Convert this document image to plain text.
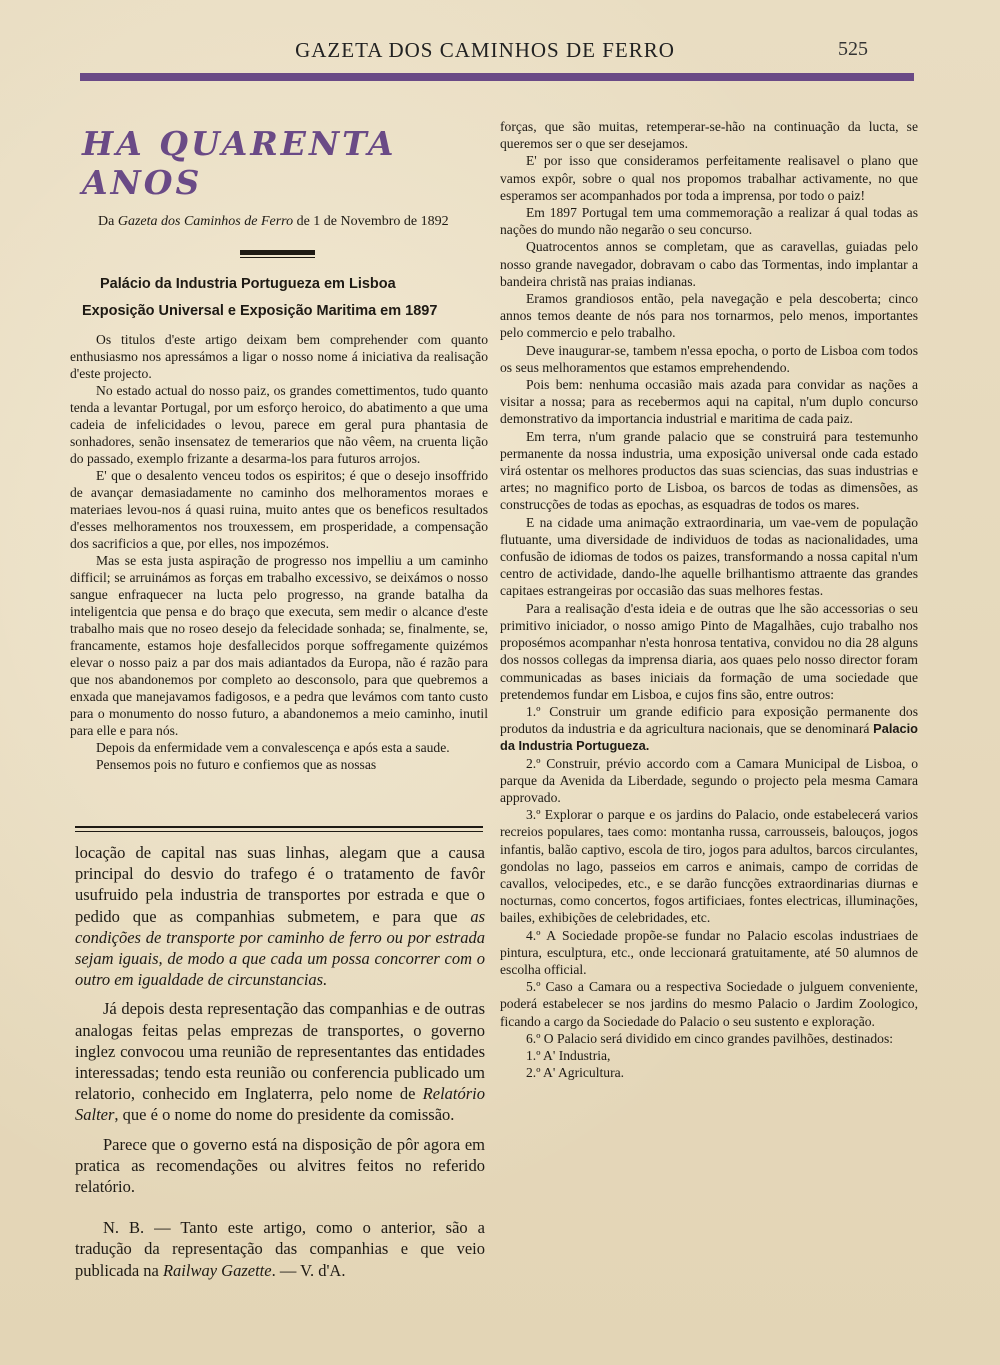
GAZETA DOS CAMINHOS DE FERRO	525
HA QUARENTA ANOS
Da Gazeta dos Caminhos de Ferro de 1 de Novembro de 1892
Palácio da Industria Portugueza em Lisboa
Exposição Universal e Exposição Maritima em 1897

Os titulos d'este artigo deixam bem comprehender com quanto enthusiasmo nos apressámos a ligar o nosso nome á iniciativa da realisação d'este projecto.

No estado actual do nosso paiz, os grandes comettimentos, tudo quanto tenda a levantar Portugal, por um esforço heroico, do abatimento a que uma cadeia de infelicidades o levou, parece em geral pura phantasia de sonhadores, senão insensatez de temerarios que não vêem, na cruenta lição do passado, exemplo frizante a desarma-los para futuros arrojos.

E' que o desalento venceu todos os espiritos; é que o desejo insoffrido de avançar demasiadamente no caminho dos melhoramentos moraes e materiaes levou-nos á quasi ruina, muito antes que os beneficos resultados d'esses melhoramentos nos trouxessem, em prosperidade, a compensação dos sacrificios a que, por elles, nos impozémos.

Mas se esta justa aspiração de progresso nos impelliu a um caminho difficil; se arruinámos as forças em trabalho excessivo, se deixámos o nosso sangue enfraquecer na lucta pelo progresso, na grande batalha da inteligentcia que pensa e do braço que executa, sem medir o alcance d'este trabalho mais que no roseo desejo da felecidade sonhada; se, finalmente, se, francamente, estamos hoje desfallecidos porque soffregamente quizémos elevar o nosso paiz a par dos mais adiantados da Europa, não é razão para que nos abandonemos por completo ao desconsolo, para que quebremos a enxada que manejavamos fadigosos, e a pedra que levámos com tanto custo para o monumento do nosso futuro, a abandonemos a meio caminho, inutil para elle e para nós.

Depois da enfermidade vem a convalescença e após esta a saude.

Pensemos pois no futuro e confiemos que as nossas

locação de capital nas suas linhas, alegam que a causa principal do desvio do trafego é o tratamento de favôr usufruido pela industria de transportes por estrada e que o pedido que as companhias submetem, e para que as condições de transporte por caminho de ferro ou por estrada sejam iguais, de modo a que cada um possa concorrer com o outro em igualdade de circunstancias.

Já depois desta representação das companhias e de outras analogas feitas pelas emprezas de transportes, o governo inglez convocou uma reunião de representantes das entidades interessadas; tendo esta reunião ou conferencia publicado um relatorio, conhecido em Inglaterra, pelo nome de Relatório Salter, que é o nome do nome do presidente da comissão.

Parece que o governo está na disposição de pôr agora em pratica as recomendações ou alvitres feitos no referido relatório.

N. B. — Tanto este artigo, como o anterior, são a tradução da representação das companhias e que veio publicada na Railway Gazette. — V. d'A.

forças, que são muitas, retemperar-se-hão na continuação da lucta, se queremos ser o que ser desejamos.

E' por isso que consideramos perfeitamente realisavel o plano que vamos expôr, sobre o qual nos propomos trabalhar activamente, no que esperamos ser acompanhados por toda a imprensa, por todo o paiz!

Em 1897 Portugal tem uma commemoração a realizar á qual todas as nações do mundo não negarão o seu concurso.

Quatrocentos annos se completam, que as caravellas, guiadas pelo nosso grande navegador, dobravam o cabo das Tormentas, indo implantar a bandeira christã nas praias indianas.

Eramos grandiosos então, pela navegação e pela descoberta; cinco annos temos deante de nós para nos tornarmos, pelo menos, importantes pelo commercio e pelo trabalho.

Deve inaugurar-se, tambem n'essa epocha, o porto de Lisboa com todos os seus melhoramentos que estamos emprehendendo.

Pois bem: nenhuma occasião mais azada para convidar as nações a visitar a nossa; para as recebermos aqui na capital, n'um duplo concurso demonstrativo da importancia industrial e maritima de cada paiz.

Em terra, n'um grande palacio que se construirá para testemunho permanente da nossa industria, uma exposição universal onde cada estado virá ostentar os melhores productos das suas sciencias, das suas industrias e artes; no magnifico porto de Lisboa, os barcos de todas as dimensões, as construcções de todas as epochas, as esquadras de todos os mares.

E na cidade uma animação extraordinaria, um vae-vem de população flutuante, uma diversidade de individuos de todas as nacionalidades, uma confusão de idiomas de todos os paizes, transformando a nossa capital n'um centro de actividade, dando-lhe aquelle brilhantismo attraente das grandes capitaes estrangeiras por occasião das suas melhores festas.

Para a realisação d'esta ideia e de outras que lhe são accessorias o seu primitivo iniciador, o nosso amigo Pinto de Magalhães, cujo trabalho nos proposémos acompanhar n'esta honrosa tentativa, convidou no dia 28 alguns dos nossos collegas da imprensa diaria, aos quaes pelo nosso director foram communicadas as bases iniciais da formação de uma sociedade que pretendemos fundar em Lisboa, e cujos fins são, entre outros:

1.º Construir um grande edificio para exposição permanente dos produtos da industria e da agricultura nacionais, que se denominará Palacio da Industria Portugueza.

2.º Construir, prévio accordo com a Camara Municipal de Lisboa, o parque da Avenida da Liberdade, segundo o projecto pela mesma Camara approvado.

3.º Explorar o parque e os jardins do Palacio, onde estabelecerá varios recreios populares, taes como: montanha russa, carrousseis, balouços, jogos infantis, balão captivo, escola de tiro, jogos para adultos, barcos circulantes, gondolas no lago, passeios em carros e animais, campo de corridas de cavallos, velocipedes, etc., e se darão funcções extraordinarias diurnas e nocturnas, como concertos, fogos artificiaes, fontes electricas, illuminações, bailes, exhibições de celebridades, etc.

4.º A Sociedade propõe-se fundar no Palacio escolas industriaes de pintura, esculptura, etc., onde leccionará gratuitamente, até 50 alumnos de escolha official.

5.º Caso a Camara ou a respectiva Sociedade o julguem conveniente, poderá estabelecer se nos jardins do mesmo Palacio o Jardim Zoologico, ficando a cargo da Sociedade do Palacio o seu sustento e exploração.

6.º O Palacio será dividido em cinco grandes pavilhões, destinados:

1.º A' Industria,

2.º A' Agricultura.
